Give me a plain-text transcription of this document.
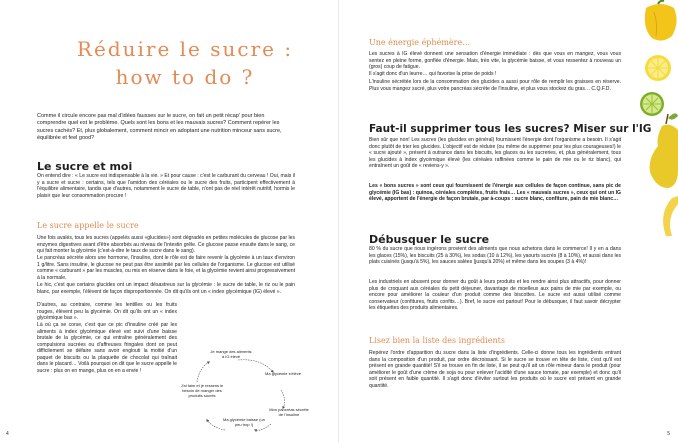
Réduire le sucre :
how to do ?

Comme il circule encore pas mal d'idées fausses sur le sucre, on fait un petit récap' pour bien comprendre quel est le problème. Quels sont les bons et les mauvais sucres? Comment repérer les sucres cachés? Et, plus globalement, comment mincir en adoptant une nutrition minceur sans sucre, équilibrée et feel good?

Le sucre et moi

On entend dire : « Le sucre est indispensable à la vie. » Et pour cause : c'est le carburant du cerveau ! Oui, mais il y a sucre et sucre : certains, tels que l'amidon des céréales ou le sucre des fruits, participent effectivement à l'équilibre alimentaire, tandis que d'autres, notamment le sucre de table, n'ont pas de réel intérêt nutritif, hormis le plaisir que leur consommation procure !

Le sucre appelle le sucre

Une fois avalés, tous les sucres (appelés aussi «glucides») sont dégradés en petites molécules de glucose par les enzymes digestives avant d'être absorbés au niveau de l'intestin grêle. Ce glucose passe ensuite dans le sang, ce qui fait monter la glycémie (c'est-à-dire le taux de sucre dans le sang).

Le pancréas sécrète alors une hormone, l'insuline, dont le rôle est de faire revenir la glycémie à un taux d'environ 1 g/litre. Sans insuline, le glucose ne peut pas être assimilé par les cellules de l'organisme. Le glucose est utilisé comme « carburant » par les muscles, ou mis en réserve dans le foie, et la glycémie revient ainsi progressivement à la normale.

Le hic, c'est que certains glucides ont un impact désastreux sur la glycémie : le sucre de table, le riz ou le pain blanc, par exemple, l'élèvent de façon disproportionnée. On dit qu'ils ont un « index glycémique (IG) élevé ».

D'autres, au contraire, comme les lentilles ou les fruits rouges, élèvent peu la glycémie. On dit qu'ils ont un « index glycémique bas ».

Là où ça se corse, c'est que ce pic d'insuline créé par les aliments à index glycémique élevé est suivi d'une baisse brutale de la glycémie, ce qui entraîne généralement des compulsions sucrées ou d'affreuses fringales dont on peut difficilement se défaire sans avoir englouti la moitié d'un paquet de biscuits ou la plaquette de chocolat qui traînait dans le placard… Voilà pourquoi on dit que le sucre appelle le sucre : plus on en mange, plus on en a envie !

Je mange des aliments à IG élevé
Ma glycémie s'élève
Mon pancréas sécrète de l'insuline
Ma glycémie baisse (un peu trop !)
J'ai faim et je ressens le besoin de manger des produits sucrés
4
Une énergie éphémère…

Les sucres à IG élevé donnent une sensation d'énergie immédiate : dès que vous en mangez, vous vous sentez en pleine forme, gonflée d'énergie. Mais, très vite, la glycémie baisse, et vous ressentez à nouveau un (gros) coup de fatigue.

Il s'agit donc d'un leurre… qui favorise la prise de poids !

L'insuline sécrétée lors de la consommation des glucides a aussi pour rôle de remplir les graisses en réserve. Plus vous mangez sucré, plus votre pancréas sécrète de l'insuline, et plus vous stockez du gras… C.Q.F.D.

Faut-il supprimer tous les sucres? Miser sur l'IG

Bien sûr que non! Les sucres (les glucides en général) fournissent l'énergie dont l'organisme a besoin. Il s'agit donc plutôt de trier les glucides. L'objectif est de réduire (ou même de supprimer pour les plus courageuses!) le « sucre ajouté », présent à outrance dans les biscuits, les glaces ou les sucreries, et, plus généralement, tous les glucides à index glycémique élevé (les céréales raffinées comme le pain de mie ou le riz blanc), qui entraînent un goût de « reviens-y ».

Les « bons sucres » sont ceux qui fournissent de l'énergie aux cellules de façon continue, sans pic de glycémie (IG bas) : quinoa, céréales complètes, fruits frais… Les « mauvais sucres », ceux qui ont un IG élevé, apportent de l'énergie de façon brutale, par à-coups : sucre blanc, confiture, pain de mie blanc…

Débusquer le sucre

80 % du sucre que nous ingérons provient des aliments que nous achetons dans le commerce! Il y en a dans les glaces (15%), les biscuits (25 à 30%), les sodas (10 à 12%), les yaourts sucrés (8 à 10%), et aussi dans les plats cuisinés (jusqu'à 5%), les sauces salées (jusqu'à 20%) et même dans les soupes (3 à 4%)!

Les industriels en abusent pour donner du goût à leurs produits et les rendre ainsi plus attractifs, pour donner plus de croquant aux céréales du petit déjeuner, davantage de moelleux aux pains de mie par exemple, ou encore pour améliorer la couleur d'un produit comme des biscottes. Le sucre est aussi utilisé comme conservateur (confitures, fruits confits…). Bref, le sucre est partout! Pour le débusquer, il faut savoir décrypter les étiquettes des produits alimentaires.

Lisez bien la liste des ingrédients

Repérez l'ordre d'apparition du sucre dans la liste d'ingrédients. Celle-ci donne tous les ingrédients entrant dans la composition d'un produit, par ordre décroissant. Si le sucre se trouve en tête de liste, c'est qu'il est présent en grande quantité! S'il se trouve en fin de liste, il se peut qu'il ait un rôle mineur dans le produit (pour améliorer le goût d'une crème de soja ou pour enlever l'acidité d'une sauce tomate, par exemple) et donc qu'il soit présent en faible quantité. Il s'agit donc d'éviter surtout les produits où le sucre est présent en grande quantité.

5
